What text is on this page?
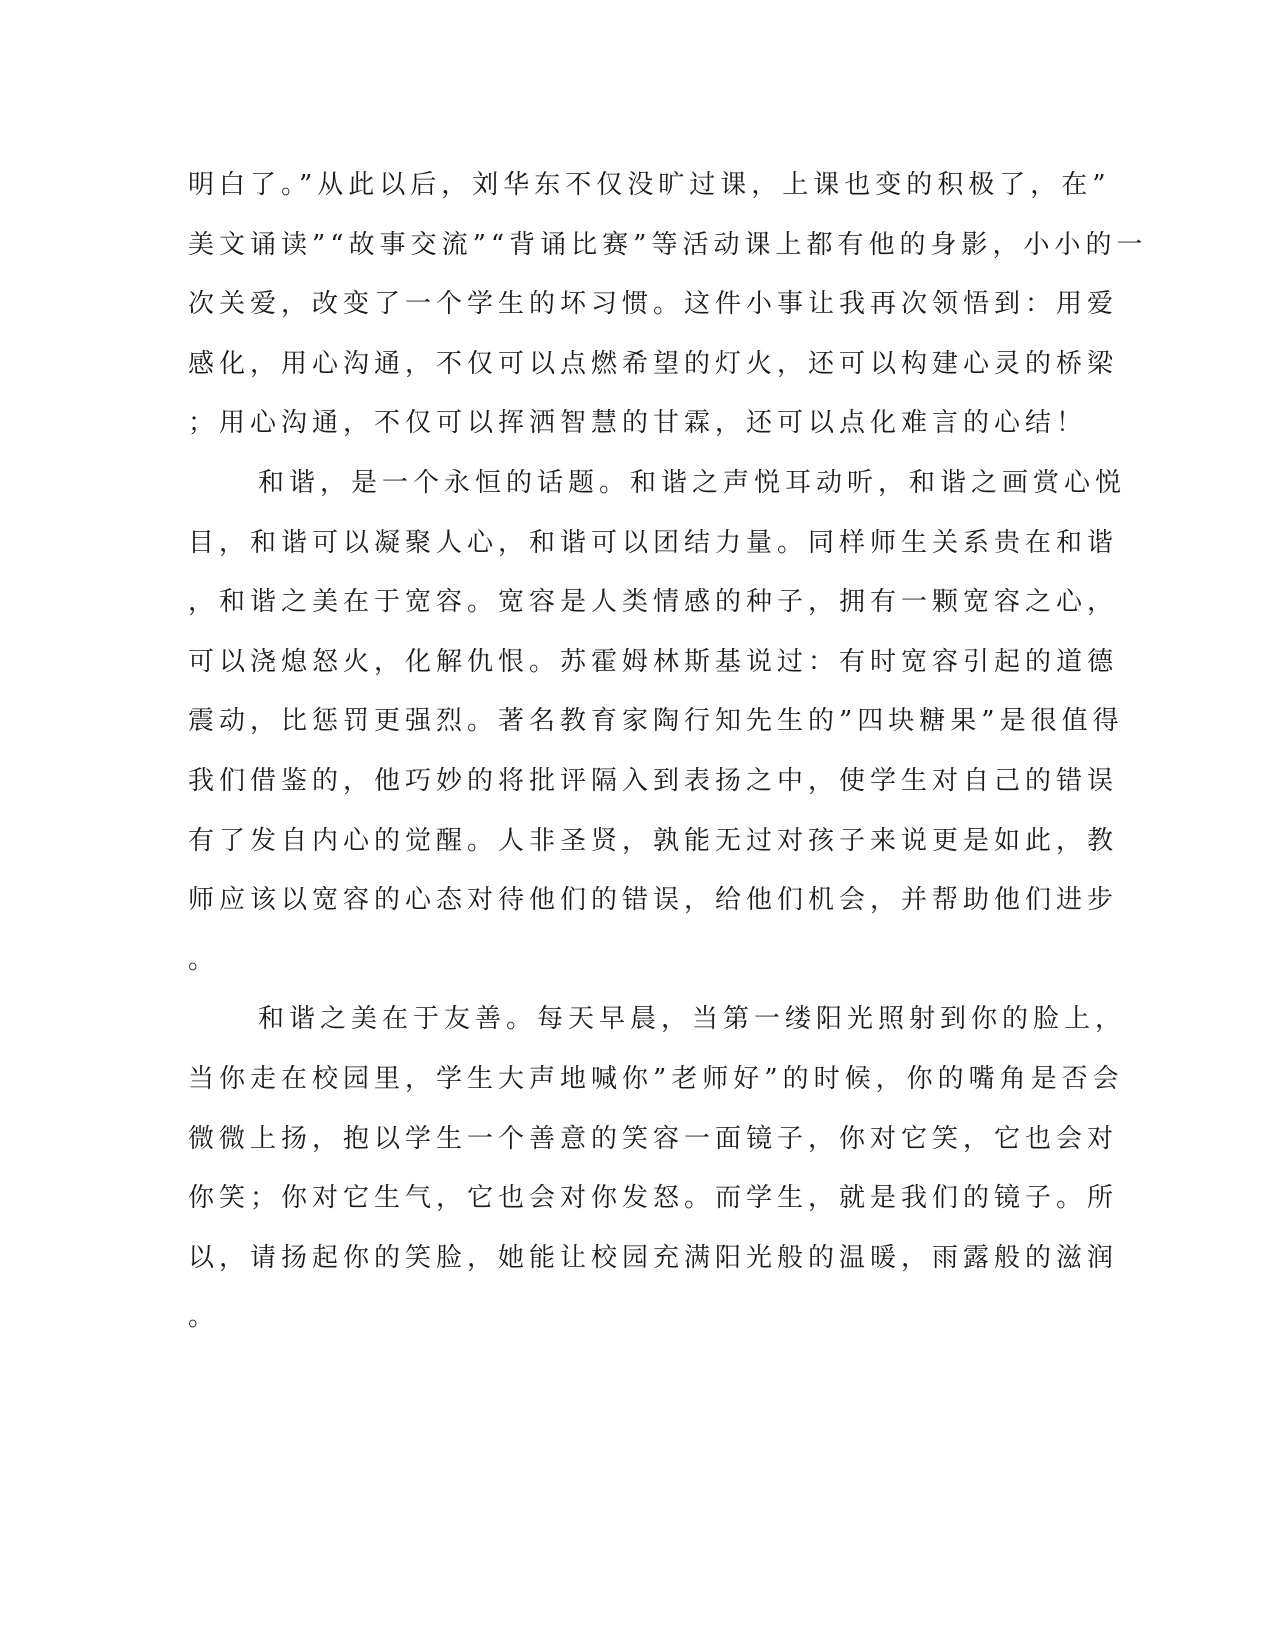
明白了。”从此以后，刘华东不仅没旷过课，上课也变的积极了，在”
美文诵读”“故事交流”“背诵比赛”等活动课上都有他的身影，小小的一
次关爱，改变了一个学生的坏习惯。这件小事让我再次领悟到：用爱
感化，用心沟通，不仅可以点燃希望的灯火，还可以构建心灵的桥梁
；用心沟通，不仅可以挥洒智慧的甘霖，还可以点化难言的心结！
和谐，是一个永恒的话题。和谐之声悦耳动听，和谐之画赏心悦
目，和谐可以凝聚人心，和谐可以团结力量。同样师生关系贵在和谐
，和谐之美在于宽容。宽容是人类情感的种子，拥有一颗宽容之心，
可以浇熄怒火，化解仇恨。苏霍姆林斯基说过：有时宽容引起的道德
震动，比惩罚更强烈。著名教育家陶行知先生的”四块糖果”是很值得
我们借鉴的，他巧妙的将批评隔入到表扬之中，使学生对自己的错误
有了发自内心的觉醒。人非圣贤，孰能无过对孩子来说更是如此，教
师应该以宽容的心态对待他们的错误，给他们机会，并帮助他们进步
。
和谐之美在于友善。每天早晨，当第一缕阳光照射到你的脸上，
当你走在校园里，学生大声地喊你”老师好”的时候，你的嘴角是否会
微微上扬，抱以学生一个善意的笑容一面镜子，你对它笑，它也会对
你笑；你对它生气，它也会对你发怒。而学生，就是我们的镜子。所
以，请扬起你的笑脸，她能让校园充满阳光般的温暖，雨露般的滋润
。
